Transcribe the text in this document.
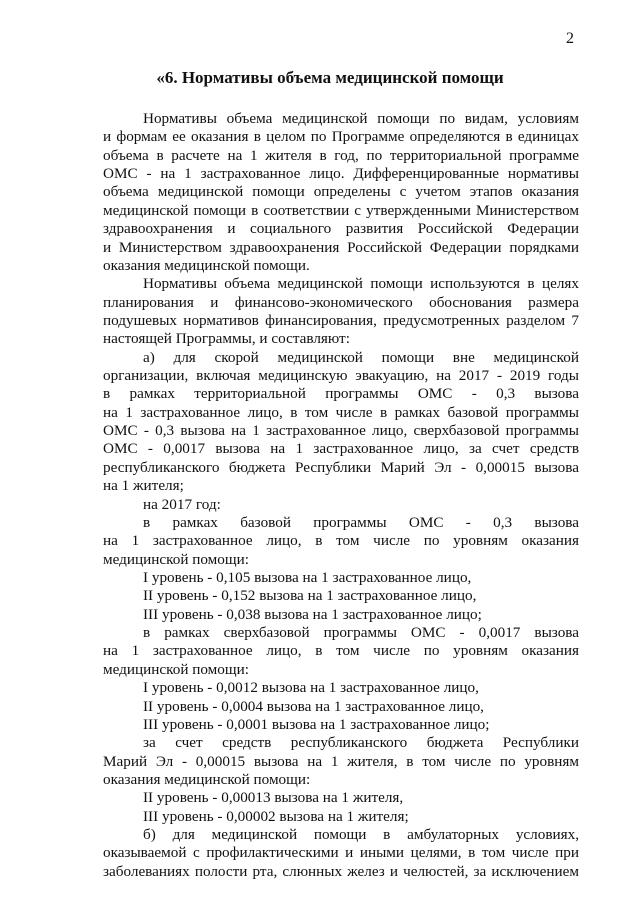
2
«6. Нормативы объема медицинской помощи
Нормативы объема медицинской помощи по видам, условиям
и формам ее оказания в целом по Программе определяются в единицах
объема в расчете на 1 жителя в год, по территориальной программе
ОМС - на 1 застрахованное лицо. Дифференцированные нормативы
объема медицинской помощи определены с учетом этапов оказания
медицинской помощи в соответствии с утвержденными Министерством
здравоохранения и социального развития Российской Федерации
и Министерством здравоохранения Российской Федерации порядками
оказания медицинской помощи.
Нормативы объема медицинской помощи используются в целях
планирования и финансово-экономического обоснования размера
подушевых нормативов финансирования, предусмотренных разделом 7
настоящей Программы, и составляют:
а) для скорой медицинской помощи вне медицинской
организации, включая медицинскую эвакуацию, на 2017 - 2019 годы
в рамках территориальной программы ОМС - 0,3 вызова
на 1 застрахованное лицо, в том числе в рамках базовой программы
ОМС - 0,3 вызова на 1 застрахованное лицо, сверхбазовой программы
ОМС - 0,0017 вызова на 1 застрахованное лицо, за счет средств
республиканского бюджета Республики Марий Эл - 0,00015 вызова
на 1 жителя;
на 2017 год:
в рамках базовой программы ОМС - 0,3 вызова
на 1 застрахованное лицо, в том числе по уровням оказания
медицинской помощи:
I уровень - 0,105 вызова на 1 застрахованное лицо,
II уровень - 0,152 вызова на 1 застрахованное лицо,
III уровень - 0,038 вызова на 1 застрахованное лицо;
в рамках сверхбазовой программы ОМС - 0,0017 вызова
на 1 застрахованное лицо, в том числе по уровням оказания
медицинской помощи:
I уровень - 0,0012 вызова на 1 застрахованное лицо,
II уровень - 0,0004 вызова на 1 застрахованное лицо,
III уровень - 0,0001 вызова на 1 застрахованное лицо;
за счет средств республиканского бюджета Республики
Марий Эл - 0,00015 вызова на 1 жителя, в том числе по уровням
оказания медицинской помощи:
II уровень - 0,00013 вызова на 1 жителя,
III уровень - 0,00002 вызова на 1 жителя;
б) для медицинской помощи в амбулаторных условиях,
оказываемой с профилактическими и иными целями, в том числе при
заболеваниях полости рта, слюнных желез и челюстей, за исключением
